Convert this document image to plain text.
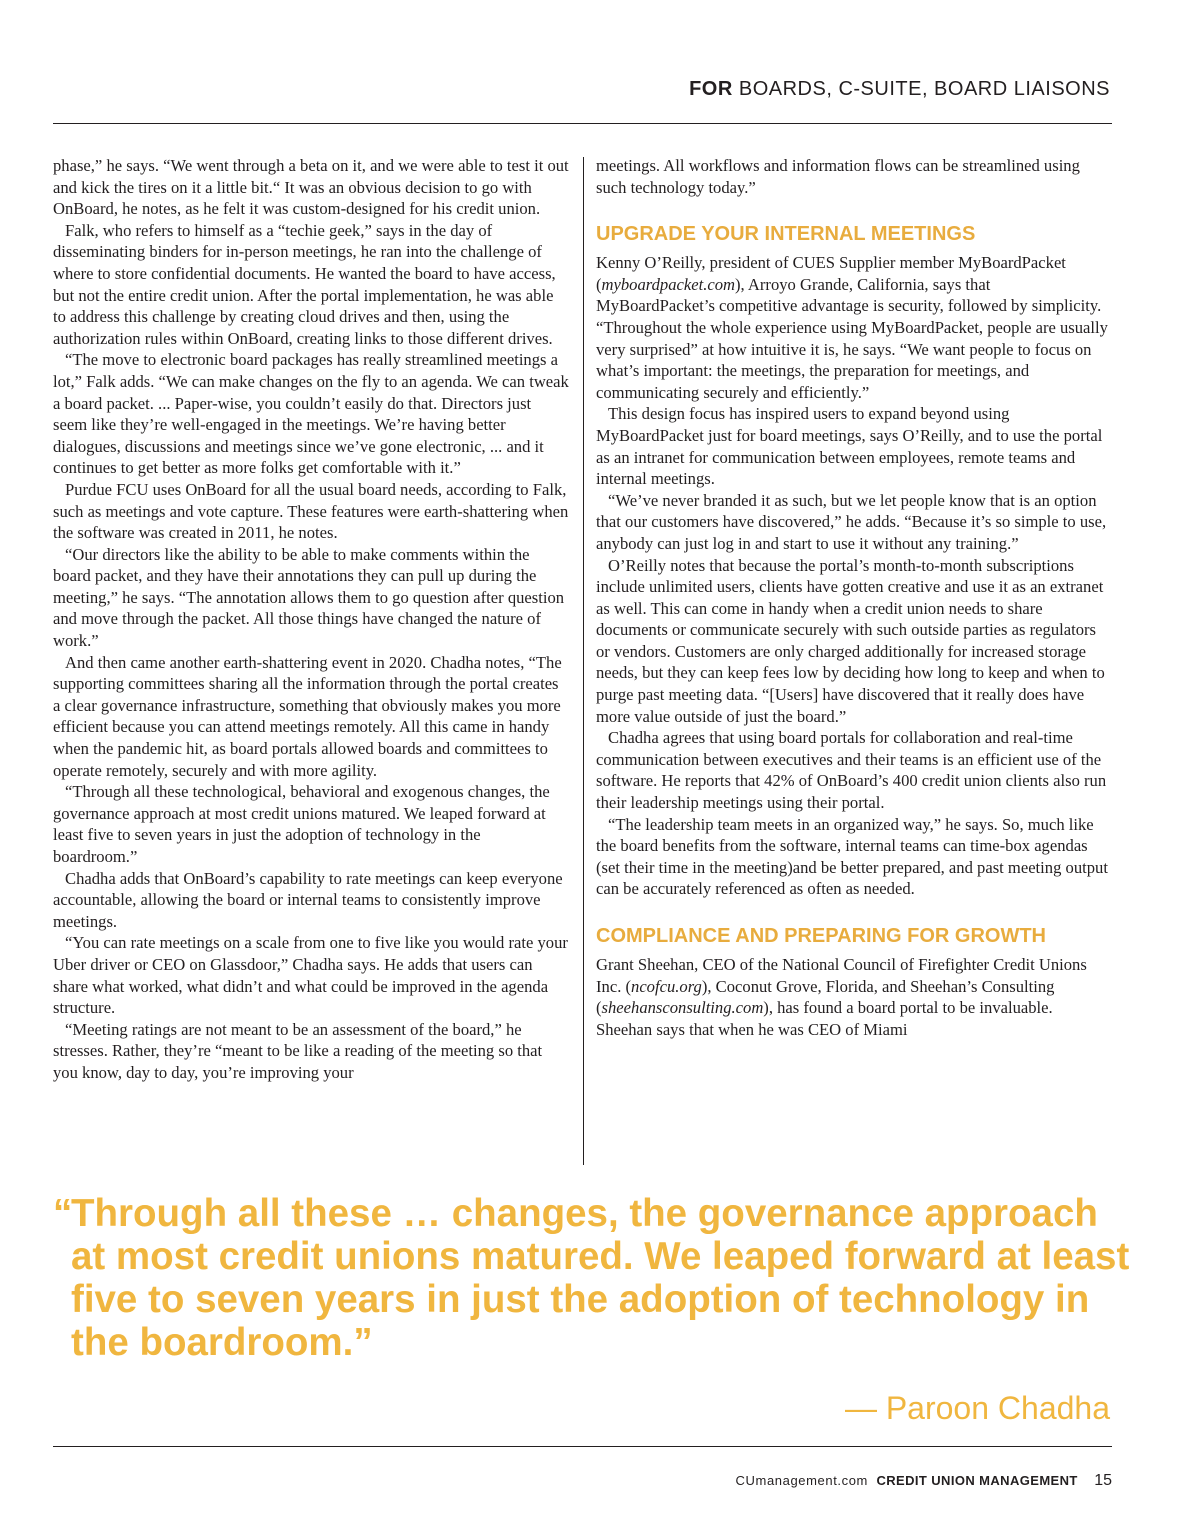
FOR BOARDS, C-SUITE, BOARD LIAISONS

phase,” he says. “We went through a beta on it, and we were able to test it out and kick the tires on it a little bit.“ It was an obvious decision to go with OnBoard, he notes, as he felt it was custom-designed for his credit union.

Falk, who refers to himself as a “techie geek,” says in the day of disseminating binders for in-person meetings, he ran into the challenge of where to store confidential documents. He wanted the board to have access, but not the entire credit union. After the portal implementation, he was able to address this challenge by creating cloud drives and then, using the authorization rules within OnBoard, creating links to those different drives.

“The move to electronic board packages has really streamlined meetings a lot,” Falk adds. “We can make changes on the fly to an agenda. We can tweak a board packet. ... Paper-wise, you couldn’t easily do that. Directors just seem like they’re well-engaged in the meetings. We’re having better dialogues, discussions and meetings since we’ve gone electronic, ... and it continues to get better as more folks get comfortable with it.”

Purdue FCU uses OnBoard for all the usual board needs, according to Falk, such as meetings and vote capture. These features were earth-shattering when the software was created in 2011, he notes.

“Our directors like the ability to be able to make comments within the board packet, and they have their annotations they can pull up during the meeting,” he says. “The annotation allows them to go question after question and move through the packet. All those things have changed the nature of work.”

And then came another earth-shattering event in 2020. Chadha notes, “The supporting committees sharing all the information through the portal creates a clear governance infrastructure, something that obviously makes you more efficient because you can attend meetings remotely. All this came in handy when the pandemic hit, as board portals allowed boards and committees to operate remotely, securely and with more agility.

“Through all these technological, behavioral and exogenous changes, the governance approach at most credit unions matured. We leaped forward at least five to seven years in just the adoption of technology in the boardroom.”

Chadha adds that OnBoard’s capability to rate meetings can keep everyone accountable, allowing the board or internal teams to consistently improve meetings.

“You can rate meetings on a scale from one to five like you would rate your Uber driver or CEO on Glassdoor,” Chadha says. He adds that users can share what worked, what didn’t and what could be improved in the agenda structure.

“Meeting ratings are not meant to be an assessment of the board,” he stresses. Rather, they’re “meant to be like a reading of the meeting so that you know, day to day, you’re improving your

meetings. All workflows and information flows can be streamlined using such technology today.”

UPGRADE YOUR INTERNAL MEETINGS

Kenny O’Reilly, president of CUES Supplier member MyBoardPacket (myboardpacket.com), Arroyo Grande, California, says that MyBoardPacket’s competitive advantage is security, followed by simplicity. “Throughout the whole experience using MyBoardPacket, people are usually very surprised” at how intuitive it is, he says. “We want people to focus on what’s important: the meetings, the preparation for meetings, and communicating securely and efficiently.”

This design focus has inspired users to expand beyond using MyBoardPacket just for board meetings, says O’Reilly, and to use the portal as an intranet for communication between employees, remote teams and internal meetings.

“We’ve never branded it as such, but we let people know that is an option that our customers have discovered,” he adds. “Because it’s so simple to use, anybody can just log in and start to use it without any training.”

O’Reilly notes that because the portal’s month-to-month subscriptions include unlimited users, clients have gotten creative and use it as an extranet as well. This can come in handy when a credit union needs to share documents or communicate securely with such outside parties as regulators or vendors. Customers are only charged additionally for increased storage needs, but they can keep fees low by deciding how long to keep and when to purge past meeting data. “[Users] have discovered that it really does have more value outside of just the board.”

Chadha agrees that using board portals for collaboration and real-time communication between executives and their teams is an efficient use of the software. He reports that 42% of OnBoard’s 400 credit union clients also run their leadership meetings using their portal.

“The leadership team meets in an organized way,” he says. So, much like the board benefits from the software, internal teams can time-box agendas (set their time in the meeting)and be better prepared, and past meeting output can be accurately referenced as often as needed.

COMPLIANCE AND PREPARING FOR GROWTH

Grant Sheehan, CEO of the National Council of Firefighter Credit Unions Inc. (ncofcu.org), Coconut Grove, Florida, and Sheehan’s Consulting (sheehansconsulting.com), has found a board portal to be invaluable. Sheehan says that when he was CEO of Miami

“
Through all these … changes, the governance approach at most credit unions matured. We leaped forward at least five to seven years in just the adoption of technology in the boardroom.”
— Paroon Chadha
CUmanagement.com CREDIT UNION MANAGEMENT 15
